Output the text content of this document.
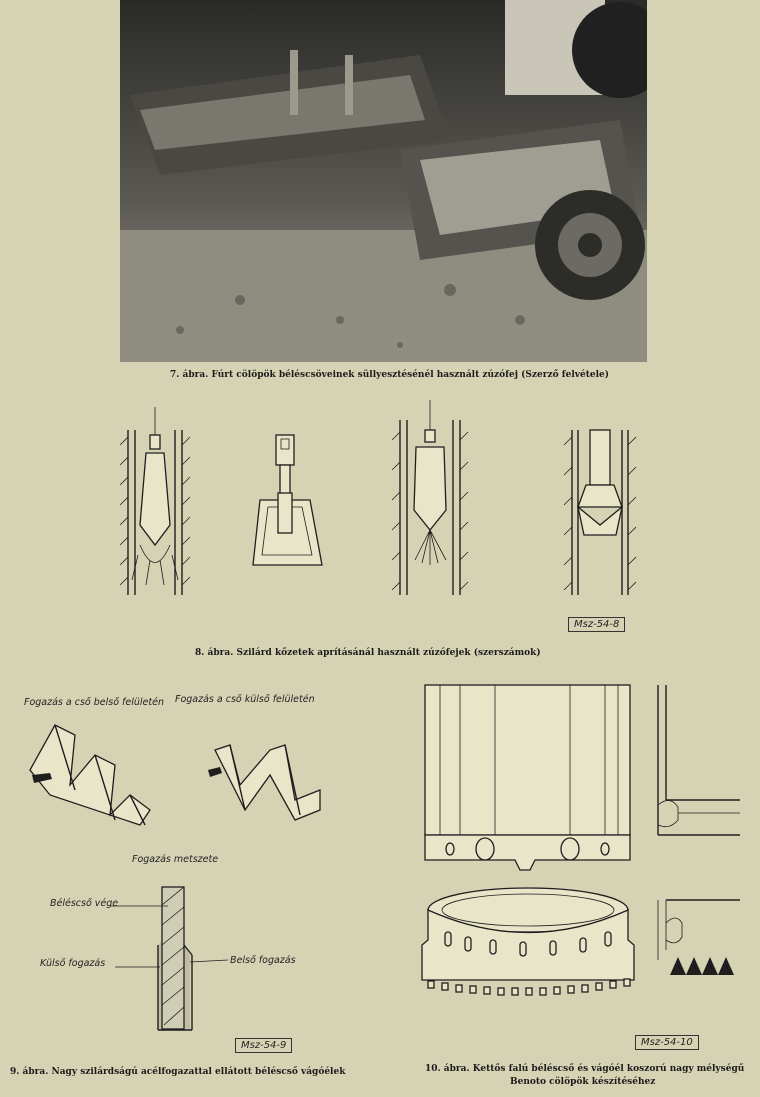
7. ábra. Fúrt cölöpök béléscsöveinek süllyesztésénél használt zúzófej (Szerző felvétele)
Msz-54-8
8. ábra. Szilárd kőzetek aprításánál használt zúzófejek (szerszámok)
Fogazás a cső belső felületén Fogazás a cső külső felületén
Fogazás metszete
Béléscső vége
Külső fogazás	Belső fogazás
Msz-54-9
9. ábra. Nagy szilárdságú acélfogazattal ellátott béléscső vágóélek
Msz-54-10
10. ábra. Kettős falú béléscső és vágóél koszorú nagy mélységű
Benoto cölöpök készítéséhez
